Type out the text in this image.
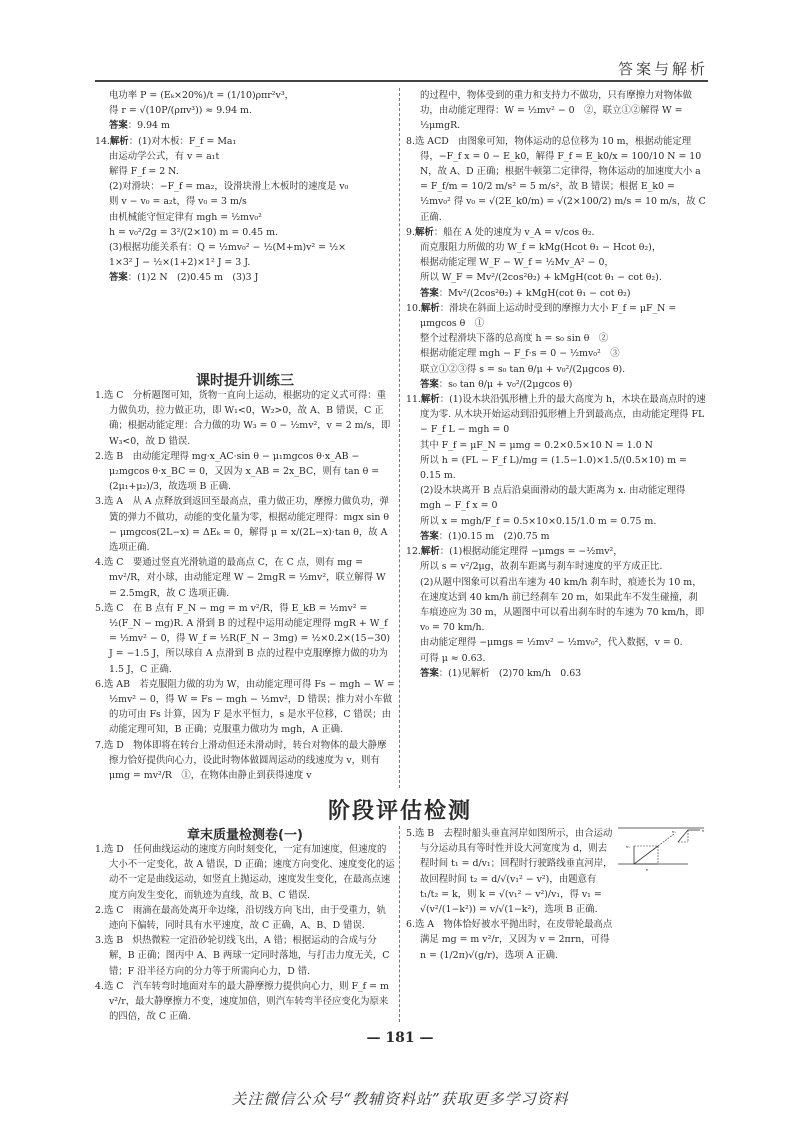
答案与解析

电功率 P = (Eₖ×20%)/t = (1/10)ρπr²v³，

得 r = √(10P/(ρπv³)) ≈ 9.94 m.

答案：9.94 m

14.解析：(1)对木板：F_f = Ma₁

由运动学公式，有 v = a₁t

解得 F_f = 2 N.

(2)对滑块：−F_f = ma₂，设滑块滑上木板时的速度是 v₀

则 v − v₀ = a₂t，得 v₀ = 3 m/s

由机械能守恒定律有 mgh = ½mv₀²

h = v₀²/2g = 3²/(2×10) m = 0.45 m.

(3)根据功能关系有：Q = ½mv₀² − ½(M+m)v² = ½×

1×3² J − ½×(1+2)×1² J = 3 J.

答案：(1)2 N　(2)0.45 m　(3)3 J

课时提升训练三

1.选 C　分析题图可知，货物一直向上运动，根据功的定义式可得：重力做负功，拉力做正功，即 W₁<0，W₂>0，故 A、B 错误，C 正确；根据动能定理：合力做的功 W₃ = 0 − ½mv²，v = 2 m/s，即 W₃<0，故 D 错误.

2.选 B　由动能定理得 mg·x_AC·sin θ − μ₁mgcos θ·x_AB − μ₂mgcos θ·x_BC = 0，又因为 x_AB = 2x_BC，则有 tan θ = (2μ₁+μ₂)/3，故选项 B 正确.

3.选 A　从 A 点释放到返回至最高点，重力做正功，摩擦力做负功，弹簧的弹力不做功，动能的变化量为零，根据动能定理得：mgx sin θ − μmgcos(2L−x) = ΔEₖ = 0，解得 μ = x/(2L−x)·tan θ，故 A 选项正确.

4.选 C　要通过竖直光滑轨道的最高点 C，在 C 点，则有 mg = mv²/R，对小球，由动能定理 W − 2mgR = ½mv²，联立解得 W = 2.5mgR，故 C 选项正确.

5.选 C　在 B 点有 F_N − mg = m v²/R，得 E_kB = ½mv² = ½(F_N − mg)R. A 滑到 B 的过程中运用动能定理得 mgR + W_f = ½mv² − 0，得 W_f = ½R(F_N − 3mg) = ½×0.2×(15−30) J = −1.5 J，所以球自 A 点滑到 B 点的过程中克服摩擦力做的功为 1.5 J，C 正确.

6.选 AB　若克服阻力做的功为 W，由动能定理可得 Fs − mgh − W = ½mv² − 0，得 W = Fs − mgh − ½mv²，D 错误；推力对小车做的功可由 Fs 计算，因为 F 是水平恒力，s 是水平位移，C 错误；由动能定理可知，B 正确；克服重力做功为 mgh，A 正确.

7.选 D　物体即将在转台上滑动但还未滑动时，转台对物体的最大静摩擦力恰好提供向心力，设此时物体做圆周运动的线速度为 v，则有 μmg = mv²/R　①，在物体由静止到获得速度 v

的过程中，物体受到的重力和支持力不做功，只有摩擦力对物体做功，由动能定理得：W = ½mv² − 0　②，联立①②解得 W = ½μmgR.

8.选 ACD　由图象可知，物体运动的总位移为 10 m，根据动能定理得，−F_f x = 0 − E_k0，解得 F_f = E_k0/x = 100/10 N = 10 N，故 A、D 正确；根据牛顿第二定律得，物体运动的加速度大小 a = F_f/m = 10/2 m/s² = 5 m/s²，故 B 错误；根据 E_k0 = ½mv₀² 得 v₀ = √(2E_k0/m) = √(2×100/2) m/s = 10 m/s，故 C 正确.

9.解析：船在 A 处的速度为 v_A = v/cos θ₂.

而克服阻力所做的功 W_f = kMg(Hcot θ₁ − Hcot θ₂)，

根据动能定理 W_F − W_f = ½Mv_A² − 0，

所以 W_F = Mv²/(2cos²θ₂) + kMgH(cot θ₁ − cot θ₂).

答案：Mv²/(2cos²θ₂) + kMgH(cot θ₁ − cot θ₂)

10.解析：滑块在斜面上运动时受到的摩擦力大小 F_f = μF_N = μmgcos θ　①

整个过程滑块下落的总高度 h = s₀ sin θ　②

根据动能定理 mgh − F_f·s = 0 − ½mv₀²　③

联立①②③得 s = s₀ tan θ/μ + v₀²/(2μgcos θ).

答案：s₀ tan θ/μ + v₀²/(2μgcos θ)

11.解析：(1)设木块沿弧形槽上升的最大高度为 h，木块在最高点时的速度为零. 从木块开始运动到沿弧形槽上升到最高点，由动能定理得 FL − F_f L − mgh = 0

其中 F_f = μF_N = μmg = 0.2×0.5×10 N = 1.0 N

所以 h = (FL − F_f L)/mg = (1.5−1.0)×1.5/(0.5×10) m = 0.15 m.

(2)设木块离开 B 点后沿桌面滑动的最大距离为 x. 由动能定理得 mgh − F_f x = 0

所以 x = mgh/F_f = 0.5×10×0.15/1.0 m = 0.75 m.

答案：(1)0.15 m　(2)0.75 m

12.解析：(1)根据动能定理得 −μmgs = −½mv²，

所以 s = v²/2μg，故刹车距离与刹车时速度的平方成正比.

(2)从题中图象可以看出车速为 40 km/h 刹车时，痕迹长为 10 m，在速度达到 40 km/h 前已经刹车 20 m，如果此车不发生碰撞，刹车痕迹应为 30 m，从题图中可以看出刹车时的车速为 70 km/h，即 v₀ = 70 km/h.

由动能定理得 −μmgs = ½mv² − ½mv₀²，代入数据，v = 0.

可得 μ ≈ 0.63.

答案：(1)见解析　(2)70 km/h　0.63

阶段评估检测
章末质量检测卷(一)

1.选 D　任何曲线运动的速度方向时刻变化，一定有加速度，但速度的大小不一定变化，故 A 错误，D 正确；速度方向变化、速度变化的运动不一定是曲线运动，如竖直上抛运动，速度发生变化，在最高点速度方向发生变化，而轨迹为直线，故 B、C 错误.

2.选 C　雨滴在最高处离开伞边缘，沿切线方向飞出，由于受重力，轨迹向下偏转，同时具有水平速度，故 C 正确，A、B、D 错误.

3.选 B　炽热微粒一定沿砂轮切线飞出，A 错；根据运动的合成与分解，B 正确；图丙中 A、B 两球一定同时落地，与打击力度无关，C 错；F 沿半径方向的分力等于所需向心力，D 错.

4.选 C　汽车转弯时地面对车的最大静摩擦力提供向心力，则 F_f = m v²/r，最大静摩擦力不变，速度加倍，则汽车转弯半径应变化为原来的四倍，故 C 正确.

5.选 B　去程时船头垂直河岸如图所示，由合运动与分运动具有等时性并设大河宽度为 d，则去程时间 t₁ = d/v₁；回程时行驶路线垂直河岸，故回程时间 t₂ = d/√(v₁² − v²)，由题意有 t₁/t₂ = k，则 k = √(v₁² − v²)/v₁，得 v₁ = √(v²/(1−k²)) = v/√(1−k²)，选项 B 正确.

6.选 A　物体恰好被水平抛出时，在皮带轮最高点满足 mg = m v²/r，又因为 v = 2πrn，可得 n = (1/2π)√(g/r)，选项 A 正确.

v₁
v₁
v
v
— 181 —
关注微信公众号“教辅资料站”获取更多学习资料
